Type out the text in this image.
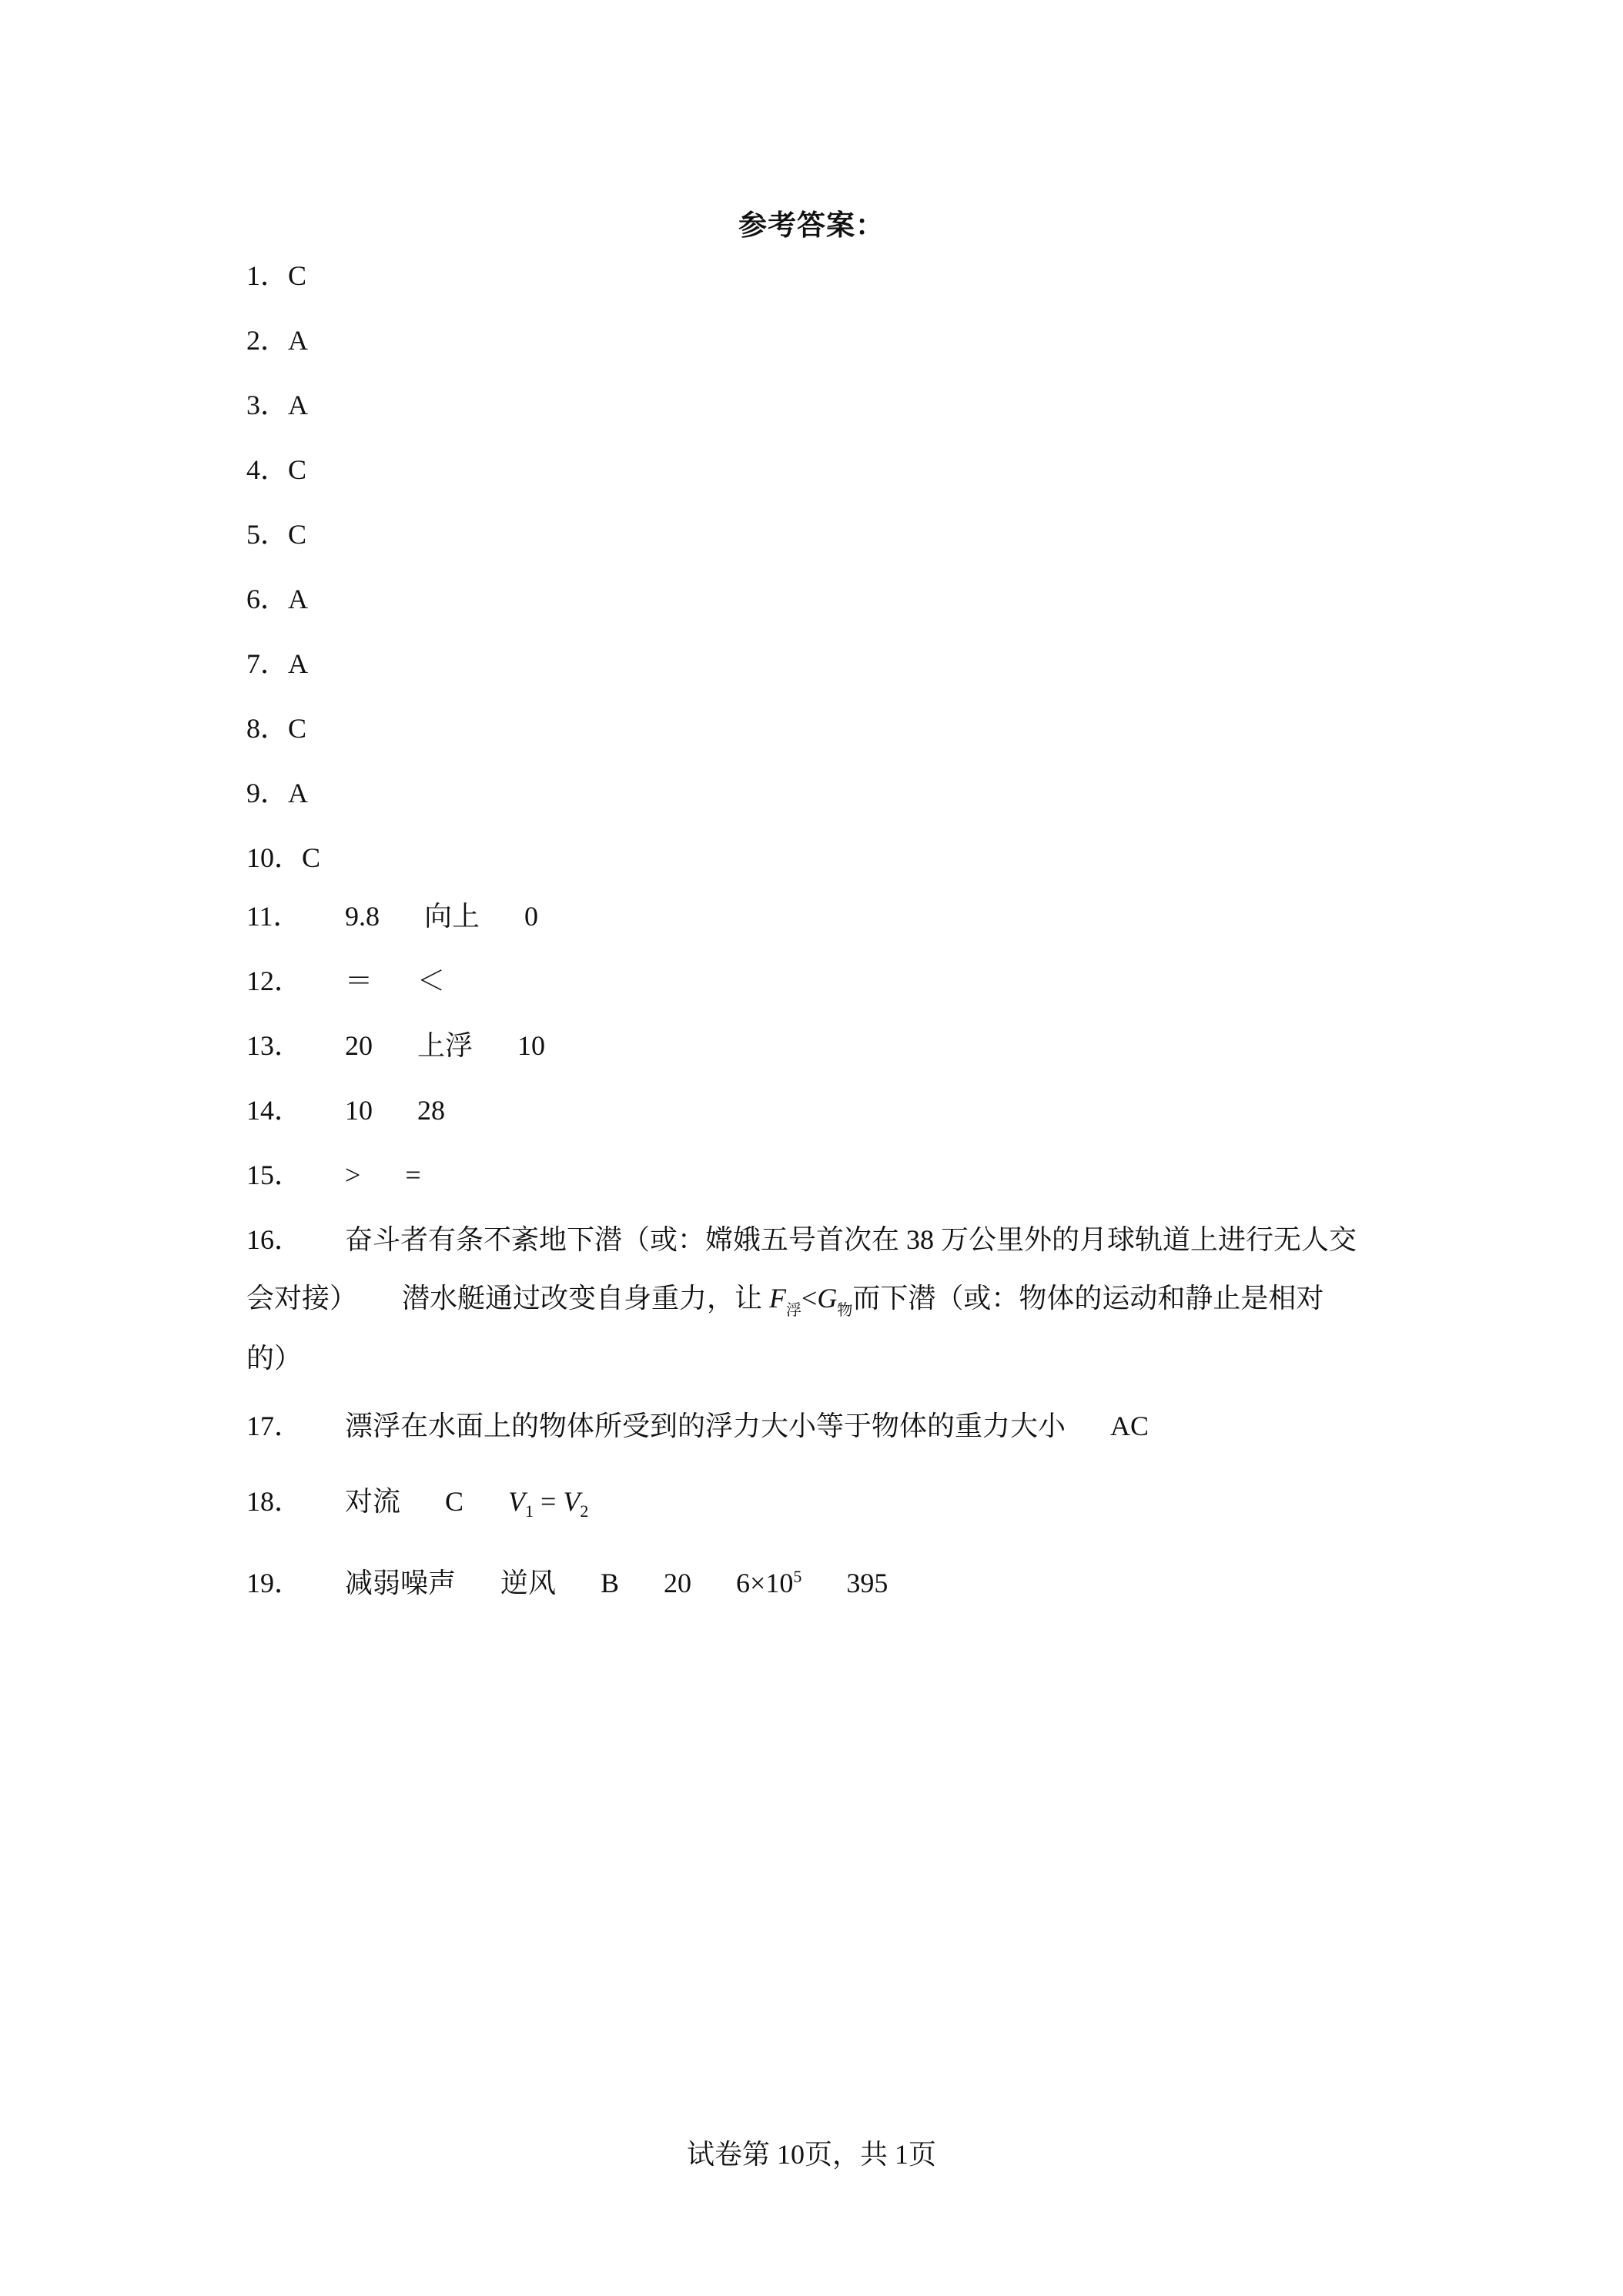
参考答案：
1．C
2．A
3．A
4．C
5．C
6．A
7．A
8．C
9．A
10．C
11． 9.8 向上 0
12． ＝ ＜
13． 20 上浮 10
14． 10 28
15． > =
16． 奋斗者有条不紊地下潜（或：嫦娥五号首次在 38 万公里外的月球轨道上进行无人交
会对接） 潜水艇通过改变自身重力，让 $F_浮<G_物$而下潜（或：物体的运动和静止是相对
的）
17． 漂浮在水面上的物体所受到的浮力大小等于物体的重力大小 AC
18． 对流 C $V_1 = V_2$
19． 减弱噪声 逆风 B 20 $6\times 10^5$ 395
试卷第 10页，共 1页
